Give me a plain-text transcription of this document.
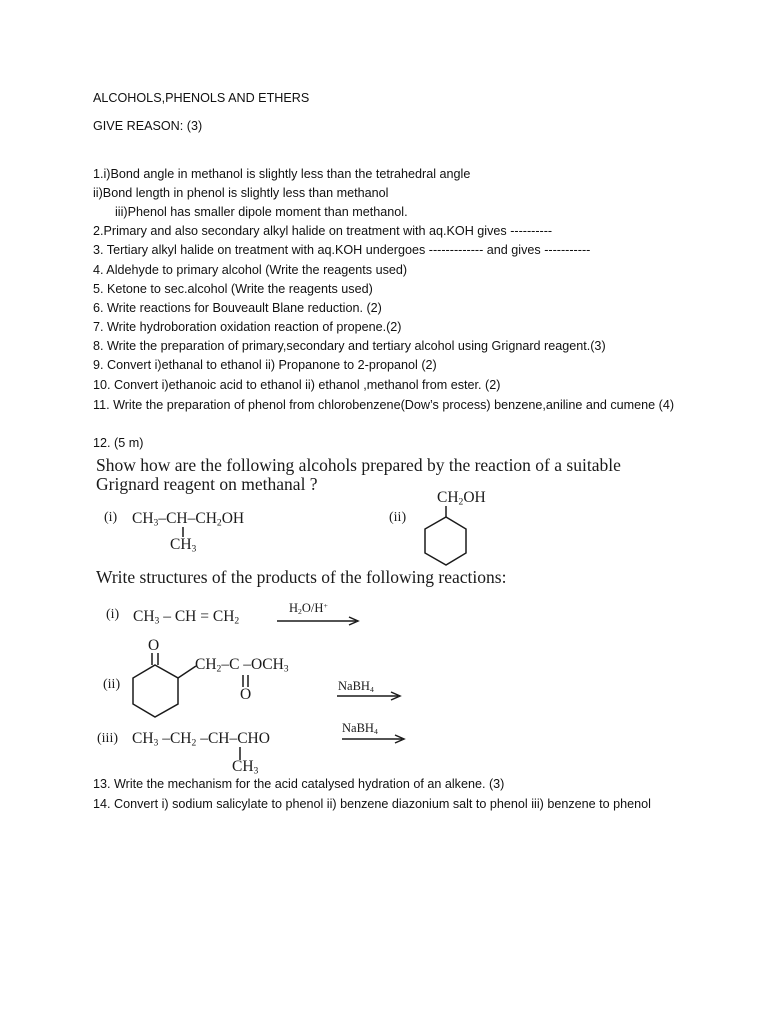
ALCOHOLS,PHENOLS AND ETHERS
GIVE REASON: (3)
1.i)Bond angle in methanol is slightly less than the tetrahedral angle
ii)Bond length in phenol is slightly less than methanol
iii)Phenol has smaller dipole moment than methanol.
2.Primary and also secondary alkyl halide on treatment with aq.KOH gives ----------
3. Tertiary alkyl halide on treatment with aq.KOH undergoes ------------- and gives -----------
4. Aldehyde to primary alcohol (Write the reagents used)
5. Ketone to sec.alcohol (Write the reagents used)
6. Write reactions for Bouveault Blane reduction. (2)
7. Write hydroboration oxidation reaction of propene.(2)
8. Write the preparation of primary,secondary and tertiary alcohol using Grignard reagent.(3)
9. Convert i)ethanal to ethanol ii) Propanone to 2-propanol (2)
10. Convert i)ethanoic acid to ethanol ii) ethanol ,methanol from ester. (2)
11. Write the preparation of phenol from chlorobenzene(Dow’s process) benzene,aniline and cumene (4)
12. (5 m)
Show how are the following alcohols prepared by the reaction of a suitable
Grignard reagent on methanal ?
(i) $CH_3-CH-CH_2OH$
$CH_3$
(ii)
$CH_2OH$
Write structures of the products of the following reactions:
(i) $CH_3$ – CH = $CH_2$
$H_2O/H^+$
(ii)
O
$CH_2-C$ $-OCH_3$
O	NaBH$_4$
(iii) $CH_3$ $-CH_2$ –CH–CHO
$CH_3$
NaBH$_4$
13. Write the mechanism for the acid catalysed hydration of an alkene. (3)
14. Convert i) sodium salicylate to phenol ii) benzene diazonium salt to phenol iii) benzene to phenol
